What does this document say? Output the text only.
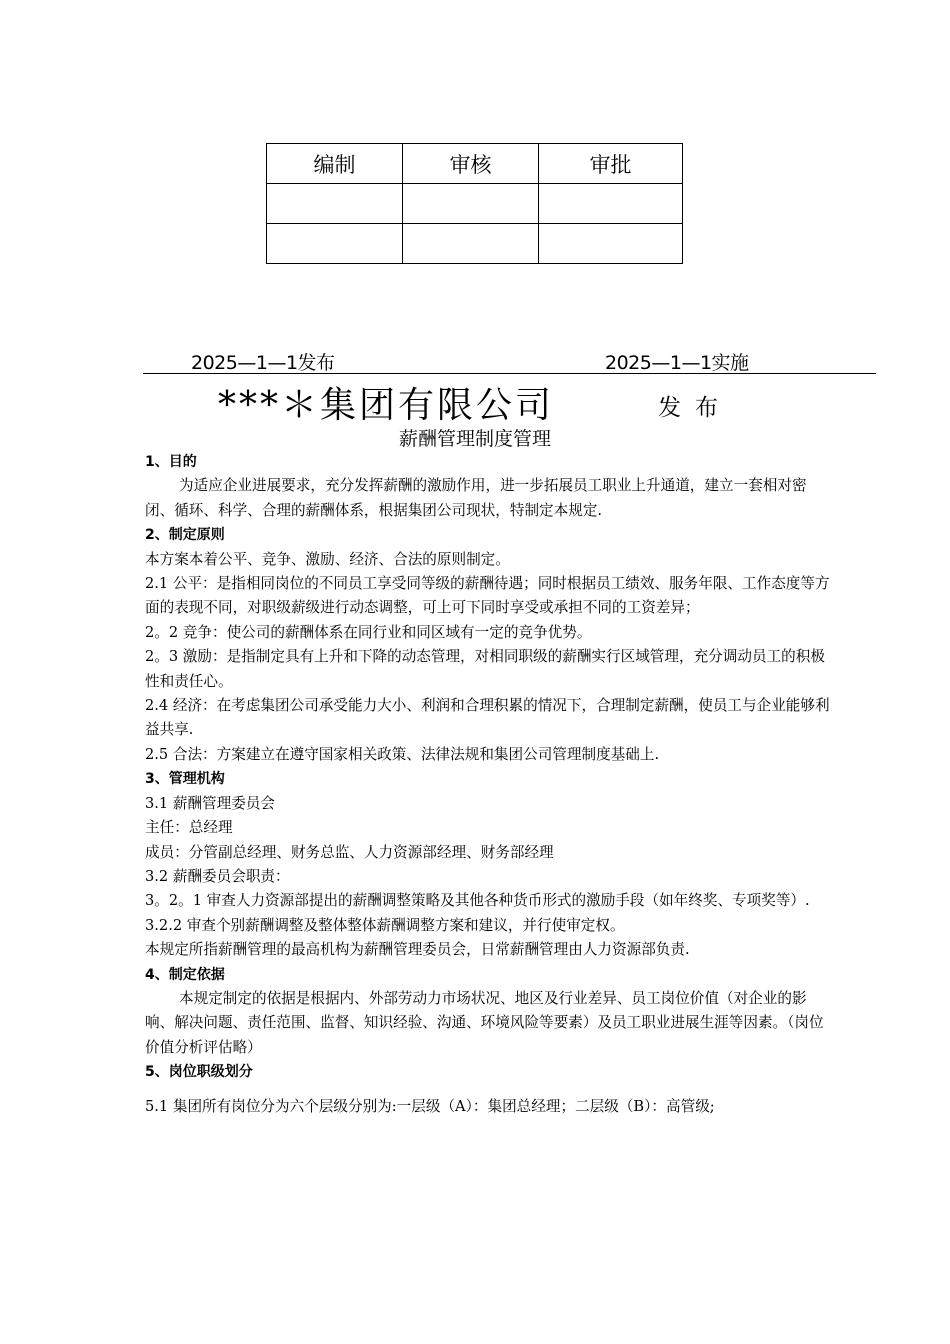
编制	审核	审批

2025—1—1发布	2025—1—1实施
***＊集团有限公司	发布
薪酬管理制度管理

1、目的

为适应企业进展要求，充分发挥薪酬的激励作用，进一步拓展员工职业上升通道，建立一套相对密闭、循环、科学、合理的薪酬体系，根据集团公司现状，特制定本规定.

2、制定原则

本方案本着公平、竞争、激励、经济、合法的原则制定。

2.1 公平：是指相同岗位的不同员工享受同等级的薪酬待遇；同时根据员工绩效、服务年限、工作态度等方面的表现不同，对职级薪级进行动态调整，可上可下同时享受或承担不同的工资差异；

2。2 竞争：使公司的薪酬体系在同行业和同区域有一定的竞争优势。

2。3 激励：是指制定具有上升和下降的动态管理，对相同职级的薪酬实行区域管理，充分调动员工的积极性和责任心。

2.4 经济：在考虑集团公司承受能力大小、利润和合理积累的情况下，合理制定薪酬，使员工与企业能够利益共享.

2.5 合法：方案建立在遵守国家相关政策、法律法规和集团公司管理制度基础上.

3、管理机构

3.1 薪酬管理委员会

主任：总经理

成员：分管副总经理、财务总监、人力资源部经理、财务部经理

3.2 薪酬委员会职责：

3。2。1 审查人力资源部提出的薪酬调整策略及其他各种货币形式的激励手段（如年终奖、专项奖等）.

3.2.2 审查个别薪酬调整及整体整体薪酬调整方案和建议，并行使审定权。

本规定所指薪酬管理的最高机构为薪酬管理委员会，日常薪酬管理由人力资源部负责.

4、制定依据

本规定制定的依据是根据内、外部劳动力市场状况、地区及行业差异、员工岗位价值（对企业的影响、解决问题、责任范围、监督、知识经验、沟通、环境风险等要素）及员工职业进展生涯等因素。（岗位价值分析评估略）

5、岗位职级划分

5.1 集团所有岗位分为六个层级分别为:一层级（A）：集团总经理；二层级（B）：高管级;
